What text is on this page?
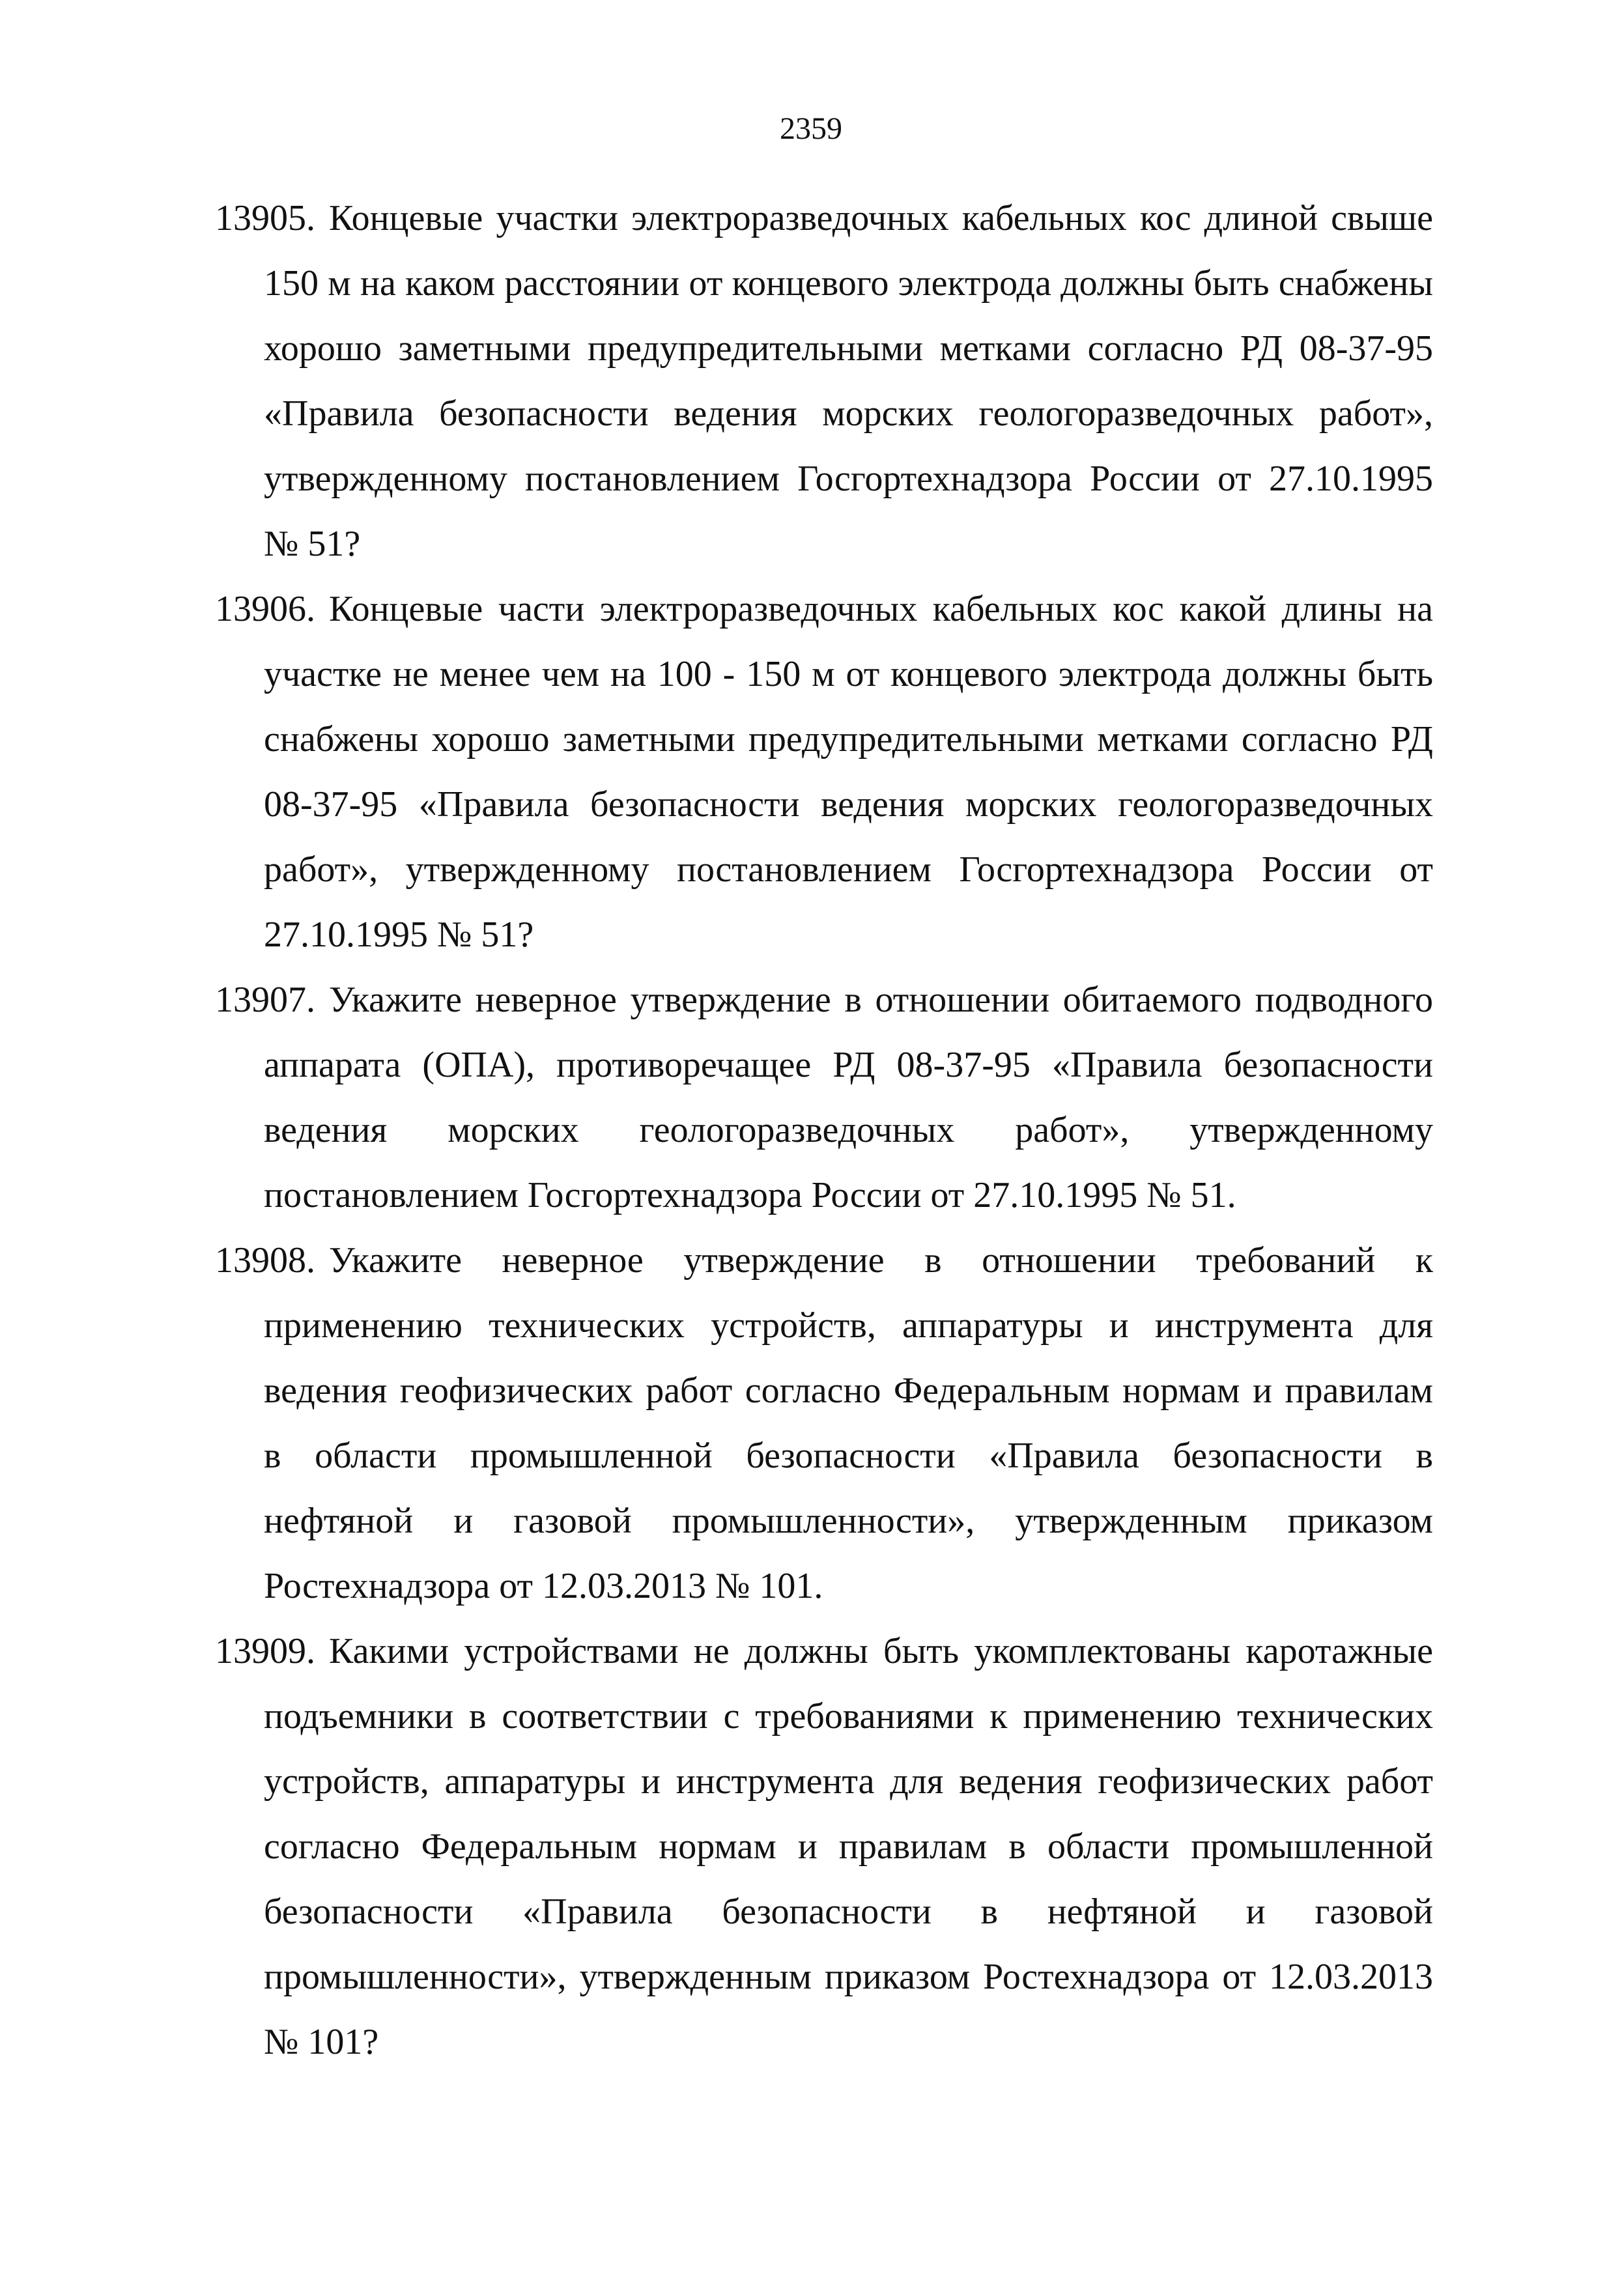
2359
13905. Концевые участки электроразведочных кабельных кос длиной свыше 150 м на каком расстоянии от концевого электрода должны быть снабжены хорошо заметными предупредительными метками согласно РД 08-37-95 «Правила безопасности ведения морских геологоразведочных работ», утвержденному постановлением Госгортехнадзора России от 27.10.1995 № 51?
13906. Концевые части электроразведочных кабельных кос какой длины на участке не менее чем на 100 - 150 м от концевого электрода должны быть снабжены хорошо заметными предупредительными метками согласно РД 08-37-95 «Правила безопасности ведения морских геологоразведочных работ», утвержденному постановлением Госгортехнадзора России от 27.10.1995 № 51?
13907. Укажите неверное утверждение в отношении обитаемого подводного аппарата (ОПА), противоречащее РД 08-37-95 «Правила безопасности ведения морских геологоразведочных работ», утвержденному постановлением Госгортехнадзора России от 27.10.1995 № 51.
13908. Укажите неверное утверждение в отношении требований к применению технических устройств, аппаратуры и инструмента для ведения геофизических работ согласно Федеральным нормам и правилам в области промышленной безопасности «Правила безопасности в нефтяной и газовой промышленности», утвержденным приказом Ростехнадзора от 12.03.2013 № 101.
13909. Какими устройствами не должны быть укомплектованы каротажные подъемники в соответствии с требованиями к применению технических устройств, аппаратуры и инструмента для ведения геофизических работ согласно Федеральным нормам и правилам в области промышленной безопасности «Правила безопасности в нефтяной и газовой промышленности», утвержденным приказом Ростехнадзора от 12.03.2013 № 101?
